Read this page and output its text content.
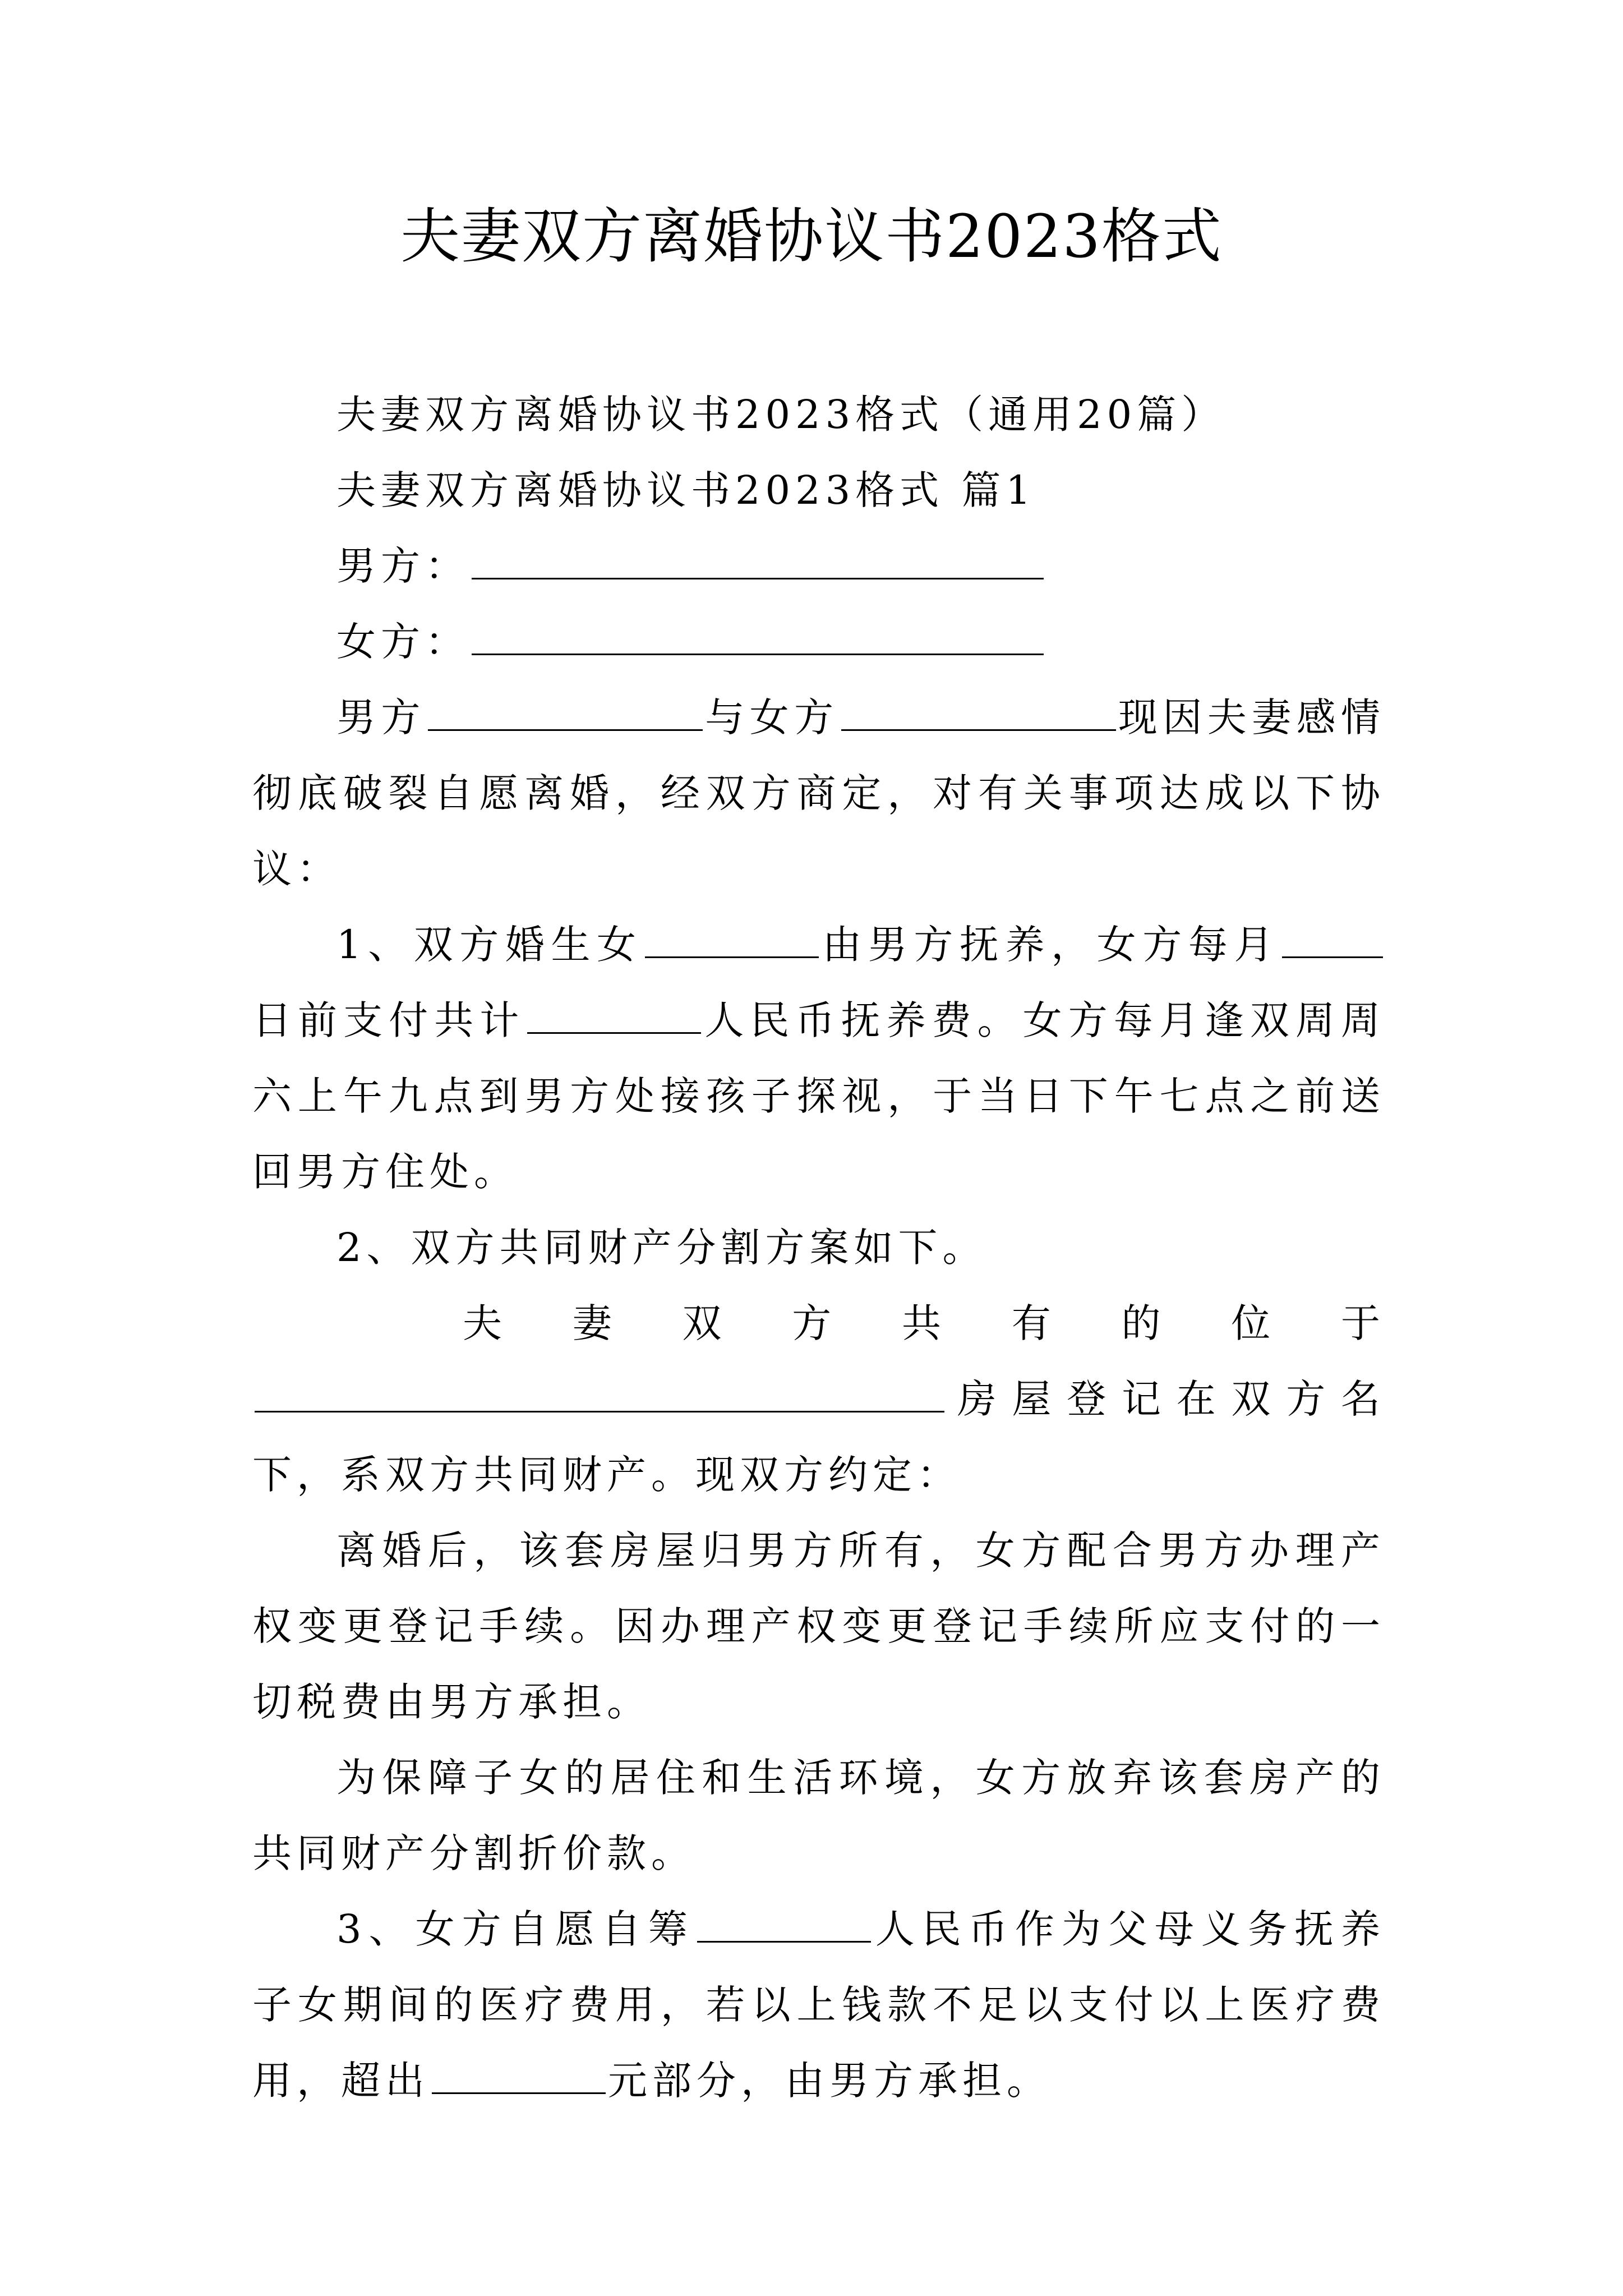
夫妻双方离婚协议书2023格式

夫妻双方离婚协议书2023格式（通用20篇）

夫妻双方离婚协议书2023格式 篇1

男方：

女方：

男方	与女方	现因夫妻感情彻底破裂自愿离婚，经双方商定，对有关事项达成以下协议：

1、双方婚生女	由男方抚养，女方每月日前支付共计	人民币抚养费。女方每月逢双周周六上午九点到男方处接孩子探视，于当日下午七点之前送回男方住处。

2、双方共同财产分割方案如下。

夫 妻 双 方 共 有 的 位 于

房屋登记在双方名下，系双方共同财产。现双方约定：

离婚后，该套房屋归男方所有，女方配合男方办理产权变更登记手续。因办理产权变更登记手续所应支付的一切税费由男方承担。

为保障子女的居住和生活环境，女方放弃该套房产的共同财产分割折价款。

3、女方自愿自筹	人民币作为父母义务抚养子女期间的医疗费用，若以上钱款不足以支付以上医疗费用，超出	元部分，由男方承担。
